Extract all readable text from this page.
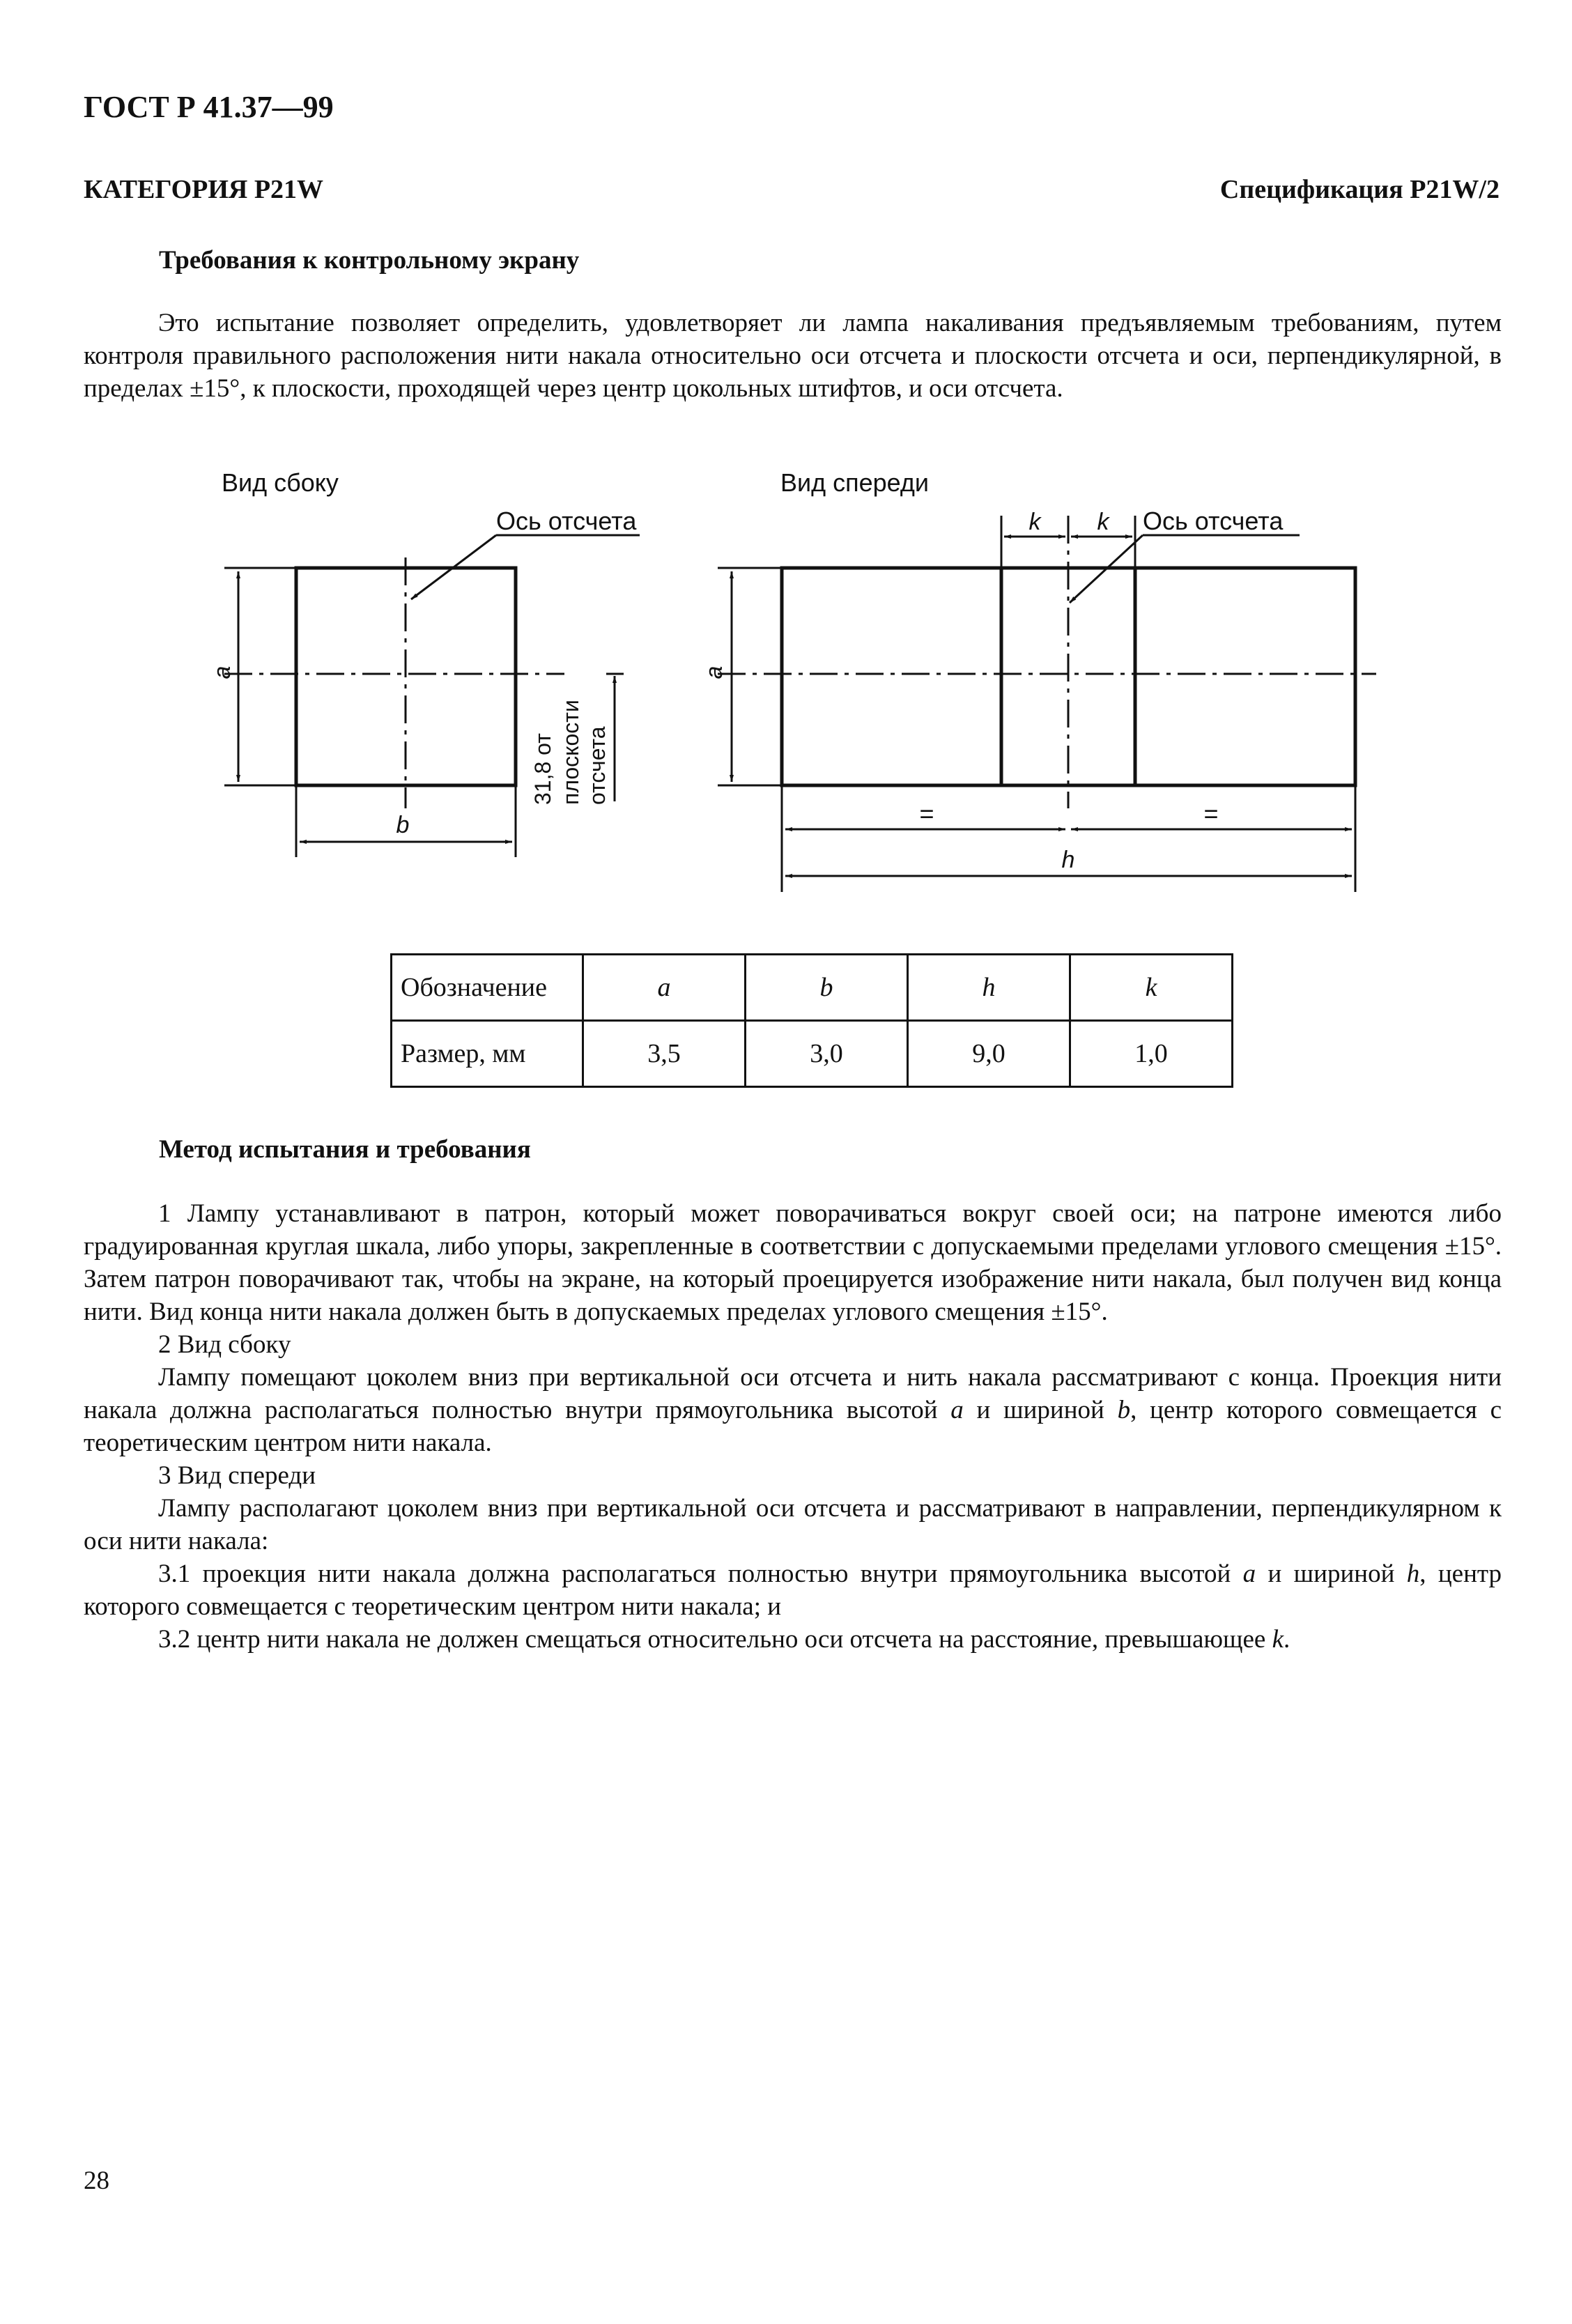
ГОСТ Р 41.37—99
КАТЕГОРИЯ P21W	Спецификация P21W/2
Требования к контрольному экрану

Это испытание позволяет определить, удовлетворяет ли лампа накаливания предъявляемым требованиям, путем контроля правильного расположения нити накала относительно оси отсчета и плоскости отсчета и оси, перпендикулярной, в пределах ±15°, к плоскости, проходящей через центр цокольных штифтов, и оси отсчета.

Вид сбоку
Ось отсчета
a
b
31,8 от плоскости отсчета
Вид спереди
Ось отсчета
k k
a
=	=
h
Обозначение	a	b	h	k
Размер, мм	3,5	3,0	9,0	1,0
Метод испытания и требования

1 Лампу устанавливают в патрон, который может поворачиваться вокруг своей оси; на патроне имеются либо градуированная круглая шкала, либо упоры, закрепленные в соответствии с допускаемыми пределами углового смещения ±15°. Затем патрон поворачивают так, чтобы на экране, на который проецируется изображение нити накала, был получен вид конца нити. Вид конца нити накала должен быть в допускаемых пределах углового смещения ±15°.

2 Вид сбоку

Лампу помещают цоколем вниз при вертикальной оси отсчета и нить накала рассматривают с конца. Проекция нити накала должна располагаться полностью внутри прямоугольника высотой a и шириной b, центр которого совмещается с теоретическим центром нити накала.

3 Вид спереди

Лампу располагают цоколем вниз при вертикальной оси отсчета и рассматривают в направлении, перпендикулярном к оси нити накала:

3.1 проекция нити накала должна располагаться полностью внутри прямоугольника высотой a и шириной h, центр которого совмещается с теоретическим центром нити накала; и

3.2 центр нити накала не должен смещаться относительно оси отсчета на расстояние, превышающее k.

28
